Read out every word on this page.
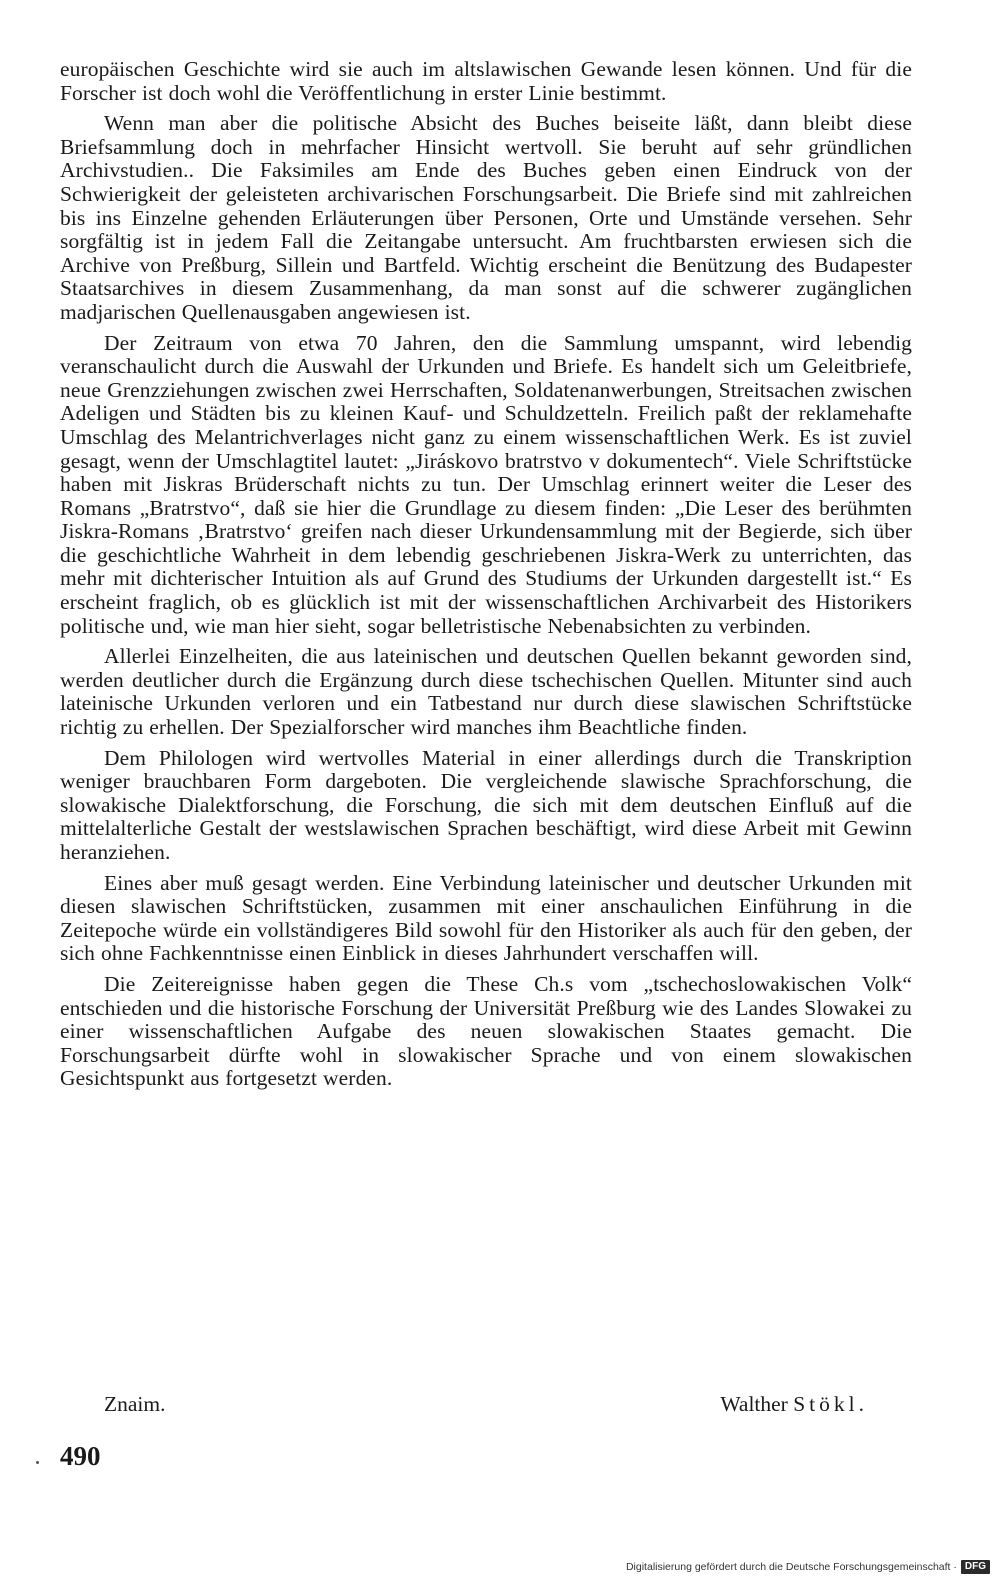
europäischen Geschichte wird sie auch im altslawischen Gewande lesen können. Und für die Forscher ist doch wohl die Veröffentlichung in erster Linie bestimmt.

Wenn man aber die politische Absicht des Buches beiseite läßt, dann bleibt diese Briefsammlung doch in mehrfacher Hinsicht wertvoll. Sie beruht auf sehr gründlichen Archivstudien.. Die Faksimiles am Ende des Buches geben einen Eindruck von der Schwierigkeit der geleisteten archivarischen Forschungsarbeit. Die Briefe sind mit zahlreichen bis ins Einzelne gehenden Erläuterungen über Personen, Orte und Umstände versehen. Sehr sorgfältig ist in jedem Fall die Zeitangabe untersucht. Am fruchtbarsten erwiesen sich die Archive von Preßburg, Sillein und Bartfeld. Wichtig erscheint die Benützung des Budapester Staatsarchives in diesem Zusammenhang, da man sonst auf die schwerer zugänglichen madjarischen Quellenausgaben angewiesen ist.

Der Zeitraum von etwa 70 Jahren, den die Sammlung umspannt, wird lebendig veranschaulicht durch die Auswahl der Urkunden und Briefe. Es handelt sich um Geleitbriefe, neue Grenzziehungen zwischen zwei Herrschaften, Soldatenanwerbungen, Streitsachen zwischen Adeligen und Städten bis zu kleinen Kauf- und Schuldzetteln. Freilich paßt der reklamehafte Umschlag des Melantrichverlages nicht ganz zu einem wissenschaftlichen Werk. Es ist zuviel gesagt, wenn der Umschlagtitel lautet: „Jiráskovo bratrstvo v dokumentech“. Viele Schriftstücke haben mit Jiskras Brüderschaft nichts zu tun. Der Umschlag erinnert weiter die Leser des Romans „Bratrstvo“, daß sie hier die Grundlage zu diesem finden: „Die Leser des berühmten Jiskra-Romans ‚Bratrstvo‘ greifen nach dieser Urkundensammlung mit der Begierde, sich über die geschichtliche Wahrheit in dem lebendig geschriebenen Jiskra-Werk zu unterrichten, das mehr mit dichterischer Intuition als auf Grund des Studiums der Urkunden dargestellt ist.“ Es erscheint fraglich, ob es glücklich ist mit der wissenschaftlichen Archivarbeit des Historikers politische und, wie man hier sieht, sogar belletristische Nebenabsichten zu verbinden.

Allerlei Einzelheiten, die aus lateinischen und deutschen Quellen bekannt geworden sind, werden deutlicher durch die Ergänzung durch diese tschechischen Quellen. Mitunter sind auch lateinische Urkunden verloren und ein Tatbestand nur durch diese slawischen Schriftstücke richtig zu erhellen. Der Spezialforscher wird manches ihm Beachtliche finden.

Dem Philologen wird wertvolles Material in einer allerdings durch die Transkription weniger brauchbaren Form dargeboten. Die vergleichende slawische Sprachforschung, die slowakische Dialektforschung, die Forschung, die sich mit dem deutschen Einfluß auf die mittelalterliche Gestalt der westslawischen Sprachen beschäftigt, wird diese Arbeit mit Gewinn heranziehen.

Eines aber muß gesagt werden. Eine Verbindung lateinischer und deutscher Urkunden mit diesen slawischen Schriftstücken, zusammen mit einer anschaulichen Einführung in die Zeitepoche würde ein vollständigeres Bild sowohl für den Historiker als auch für den geben, der sich ohne Fachkenntnisse einen Einblick in dieses Jahrhundert verschaffen will.

Die Zeitereignisse haben gegen die These Ch.s vom „tschechoslowakischen Volk“ entschieden und die historische Forschung der Universität Preßburg wie des Landes Slowakei zu einer wissenschaftlichen Aufgabe des neuen slowakischen Staates gemacht. Die Forschungsarbeit dürfte wohl in slowakischer Sprache und von einem slowakischen Gesichtspunkt aus fortgesetzt werden.

Znaim.	Walther Stökl.
490
Digitalisierung gefördert durch die Deutsche Forschungsgemeinschaft · DFG
